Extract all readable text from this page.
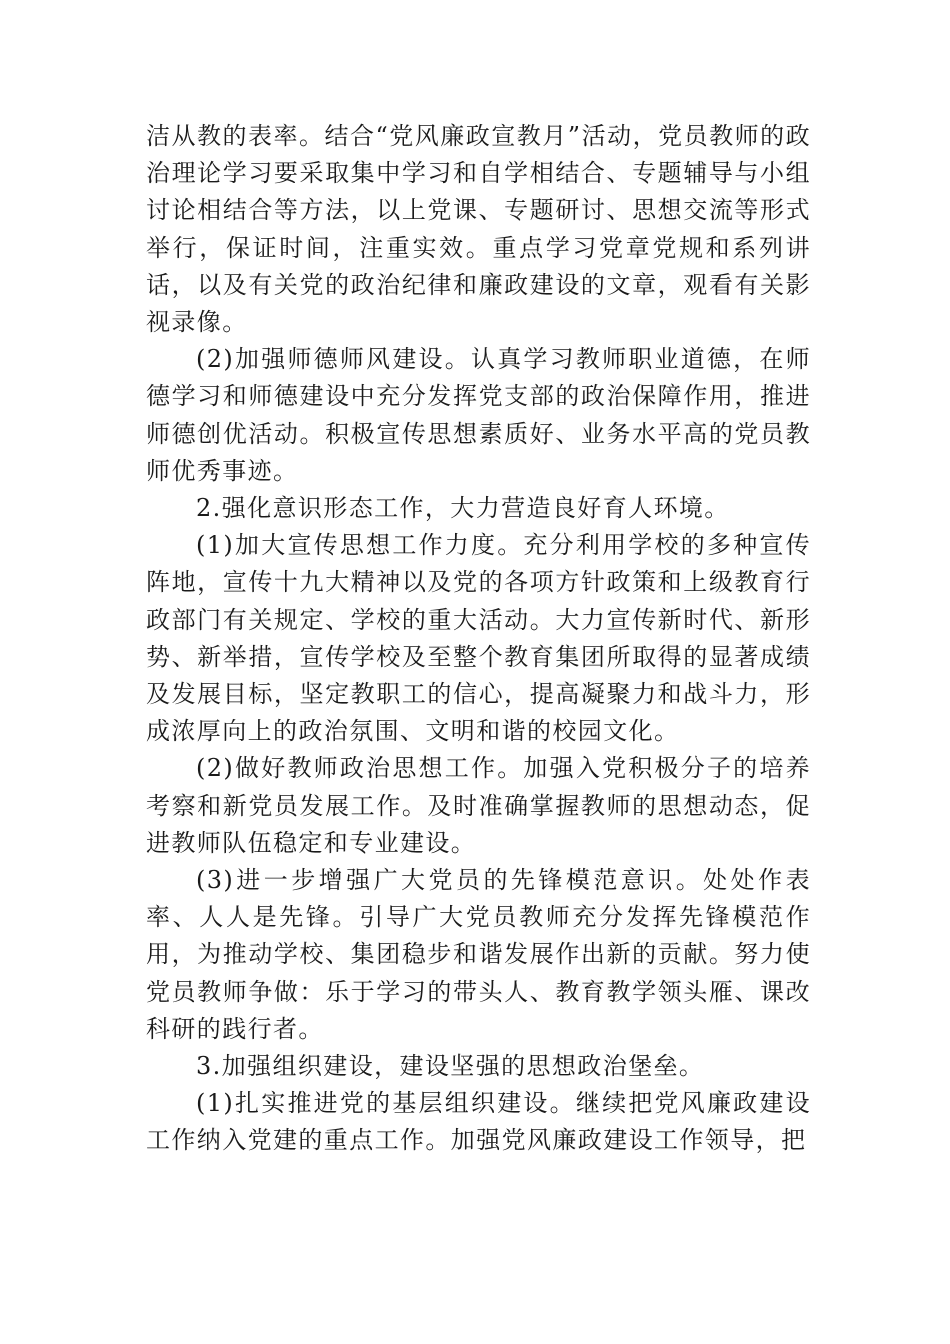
洁从教的表率。结合“党风廉政宣教月”活动，党员教师的政治理论学习要采取集中学习和自学相结合、专题辅导与小组讨论相结合等方法，以上党课、专题研讨、思想交流等形式举行，保证时间，注重实效。重点学习党章党规和系列讲话，以及有关党的政治纪律和廉政建设的文章，观看有关影视录像。

(2)加强师德师风建设。认真学习教师职业道德，在师德学习和师德建设中充分发挥党支部的政治保障作用，推进师德创优活动。积极宣传思想素质好、业务水平高的党员教师优秀事迹。

2.强化意识形态工作，大力营造良好育人环境。

(1)加大宣传思想工作力度。充分利用学校的多种宣传阵地，宣传十九大精神以及党的各项方针政策和上级教育行政部门有关规定、学校的重大活动。大力宣传新时代、新形势、新举措，宣传学校及至整个教育集团所取得的显著成绩及发展目标，坚定教职工的信心，提高凝聚力和战斗力，形成浓厚向上的政治氛围、文明和谐的校园文化。

(2)做好教师政治思想工作。加强入党积极分子的培养考察和新党员发展工作。及时准确掌握教师的思想动态，促进教师队伍稳定和专业建设。

(3)进一步增强广大党员的先锋模范意识。处处作表率、人人是先锋。引导广大党员教师充分发挥先锋模范作用，为推动学校、集团稳步和谐发展作出新的贡献。努力使党员教师争做：乐于学习的带头人、教育教学领头雁、课改科研的践行者。

3.加强组织建设，建设坚强的思想政治堡垒。

(1)扎实推进党的基层组织建设。继续把党风廉政建设工作纳入党建的重点工作。加强党风廉政建设工作领导，把
